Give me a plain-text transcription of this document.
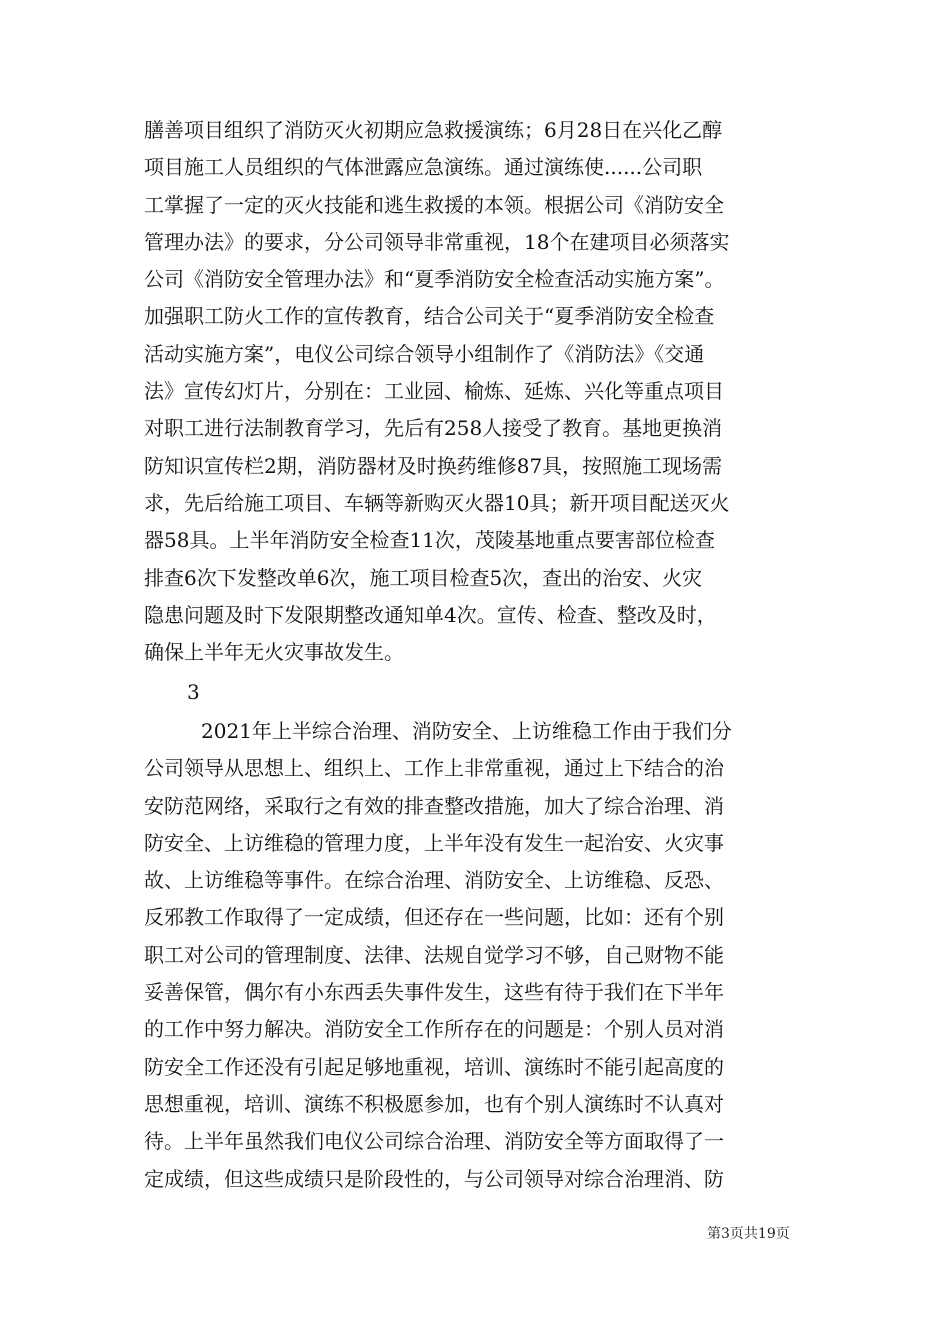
膳善项目组织了消防灭火初期应急救援演练；6月28日在兴化乙醇
项目施工人员组织的气体泄露应急演练。通过演练使......公司职
工掌握了一定的灭火技能和逃生救援的本领。根据公司《消防安全
管理办法》的要求，分公司领导非常重视，18个在建项目必须落实
公司《消防安全管理办法》和“夏季消防安全检查活动实施方案”。
加强职工防火工作的宣传教育，结合公司关于“夏季消防安全检查
活动实施方案”，电仪公司综合领导小组制作了《消防法》《交通
法》宣传幻灯片，分别在：工业园、榆炼、延炼、兴化等重点项目
对职工进行法制教育学习，先后有258人接受了教育。基地更换消
防知识宣传栏2期，消防器材及时换药维修87具，按照施工现场需
求，先后给施工项目、车辆等新购灭火器10具；新开项目配送灭火
器58具。上半年消防安全检查11次，茂陵基地重点要害部位检查
排查6次下发整改单6次，施工项目检查5次，查出的治安、火灾
隐患问题及时下发限期整改通知单4次。宣传、检查、整改及时，
确保上半年无火灾事故发生。
3
2021年上半综合治理、消防安全、上访维稳工作由于我们分
公司领导从思想上、组织上、工作上非常重视，通过上下结合的治
安防范网络，采取行之有效的排查整改措施，加大了综合治理、消
防安全、上访维稳的管理力度，上半年没有发生一起治安、火灾事
故、上访维稳等事件。在综合治理、消防安全、上访维稳、反恐、
反邪教工作取得了一定成绩，但还存在一些问题，比如：还有个别
职工对公司的管理制度、法律、法规自觉学习不够，自己财物不能
妥善保管，偶尔有小东西丢失事件发生，这些有待于我们在下半年
的工作中努力解决。消防安全工作所存在的问题是：个别人员对消
防安全工作还没有引起足够地重视，培训、演练时不能引起高度的
思想重视，培训、演练不积极愿参加，也有个别人演练时不认真对
待。上半年虽然我们电仪公司综合治理、消防安全等方面取得了一
定成绩，但这些成绩只是阶段性的，与公司领导对综合治理消、防
第3页共19页
